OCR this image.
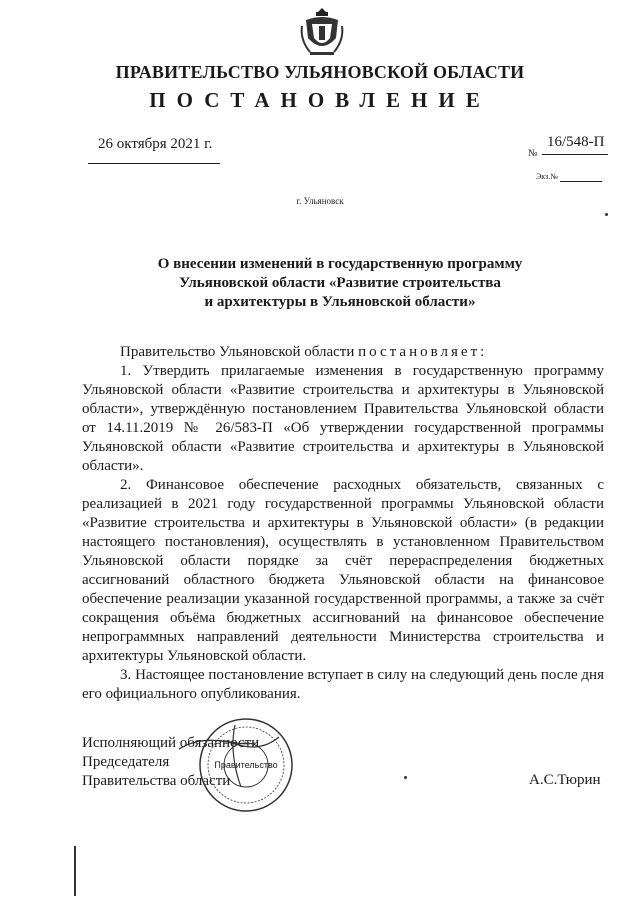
ПРАВИТЕЛЬСТВО УЛЬЯНОВСКОЙ ОБЛАСТИ
ПОСТАНОВЛЕНИЕ
26 октября 2021 г.
№
16/548-П
Экз.№
г. Ульяновск
О внесении изменений в государственную программу
Ульяновской области «Развитие строительства
и архитектуры в Ульяновской области»

Правительство Ульяновской области постановляет:

1. Утвердить прилагаемые изменения в государственную программу Ульяновской области «Развитие строительства и архитектуры в Ульяновской области», утверждённую постановлением Правительства Ульяновской области от 14.11.2019 № 26/583-П «Об утверждении государственной программы Ульяновской области «Развитие строительства и архитектуры в Ульяновской области».

2. Финансовое обеспечение расходных обязательств, связанных с реализацией в 2021 году государственной программы Ульяновской области «Развитие строительства и архитектуры в Ульяновской области» (в редакции настоящего постановления), осуществлять в установленном Правительством Ульяновской области порядке за счёт перераспределения бюджетных ассигнований областного бюджета Ульяновской области на финансовое обеспечение реализации указанной государственной программы, а также за счёт сокращения объёма бюджетных ассигнований на финансовое обеспечение непрограммных направлений деятельности Министерства строительства и архитектуры Ульяновской области.

3. Настоящее постановление вступает в силу на следующий день после дня его официального опубликования.

Исполняющий обязанности
Председателя
Правительства области	А.С.Тюрин
Правительство
